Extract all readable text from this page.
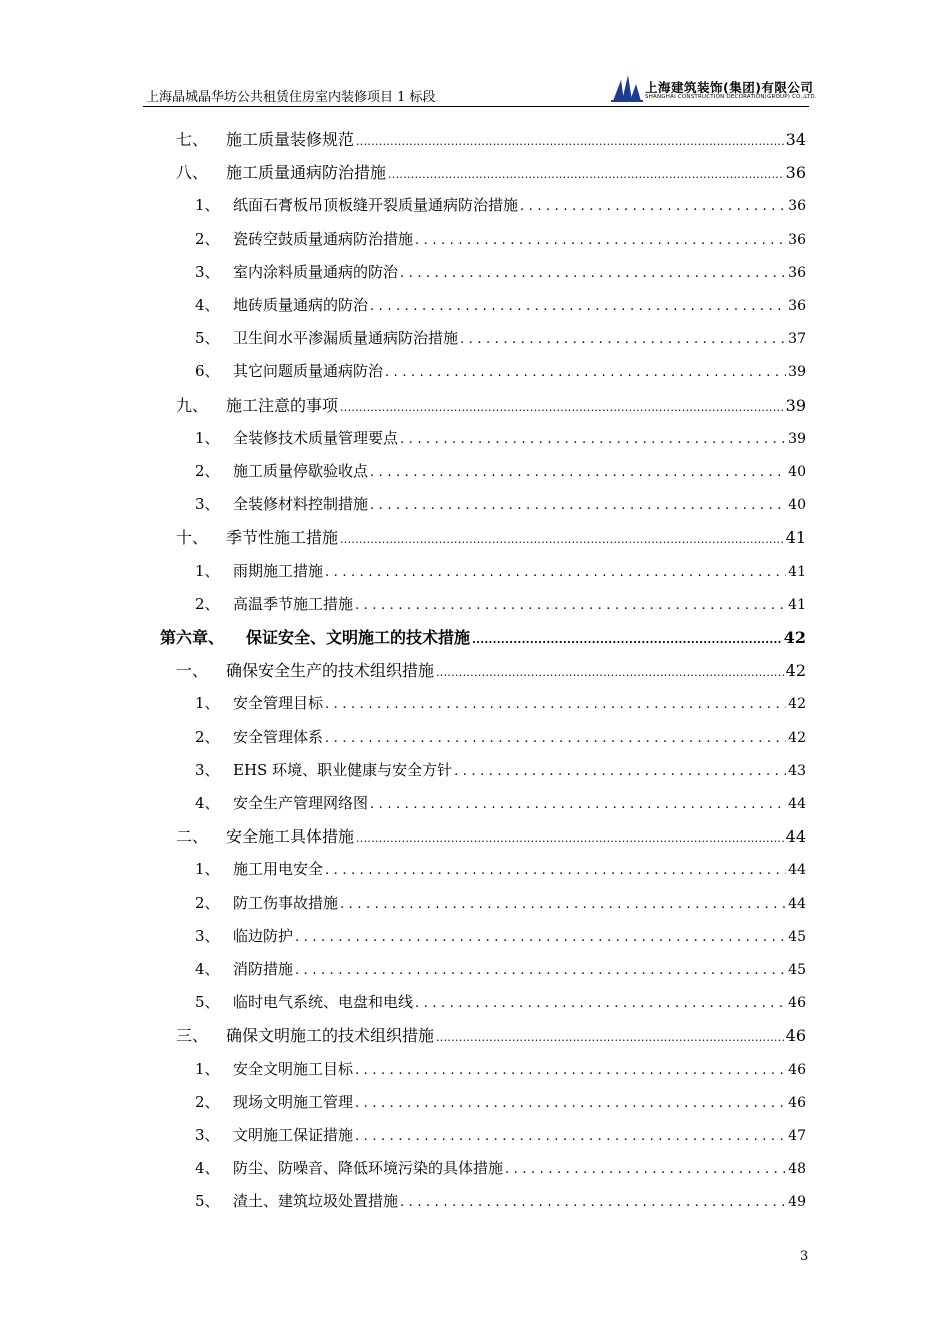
上海晶城晶华坊公共租赁住房室内装修项目 1 标段
上海建筑装饰(集团)有限公司
SHANGHAI CONSTRUCTION DECORATION(GROUP) CO.,LTD.
七、	施工质量装修规范 .....	34
八、	施工质量通病防治措施 .....	36
1、 纸面石膏板吊顶板缝开裂质量通病防治措施 . . .	36
2、 瓷砖空鼓质量通病防治措施 . . .	36
3、 室内涂料质量通病的防治 . . .	36
4、 地砖质量通病的防治 . . .	36
5、 卫生间水平渗漏质量通病防治措施 . . .	37
6、 其它问题质量通病防治 . . .	39
九、	施工注意的事项 .....	39
1、 全装修技术质量管理要点 . . .	39
2、 施工质量停歇验收点 . . .	40
3、 全装修材料控制措施 . . .	40
十、	季节性施工措施 .....	41
1、 雨期施工措施 . . .	41
2、 高温季节施工措施 . . .	41
第六章、	保证安全、文明施工的技术措施 .....	42
一、	确保安全生产的技术组织措施 .....	42
1、 安全管理目标 . . .	42
2、 安全管理体系 . . .	42
3、 EHS 环境、职业健康与安全方针 . . .	43
4、 安全生产管理网络图 . . .	44
二、	安全施工具体措施 .....	44
1、 施工用电安全 . . .	44
2、 防工伤事故措施 . . .	44
3、 临边防护 . . .	45
4、 消防措施 . . .	45
5、 临时电气系统、电盘和电线 . . .	46
三、	确保文明施工的技术组织措施 .....	46
1、 安全文明施工目标 . . .	46
2、 现场文明施工管理 . . .	46
3、 文明施工保证措施 . . .	47
4、 防尘、防噪音、降低环境污染的具体措施 . . .	48
5、 渣土、建筑垃圾处置措施 . . .	49
3
